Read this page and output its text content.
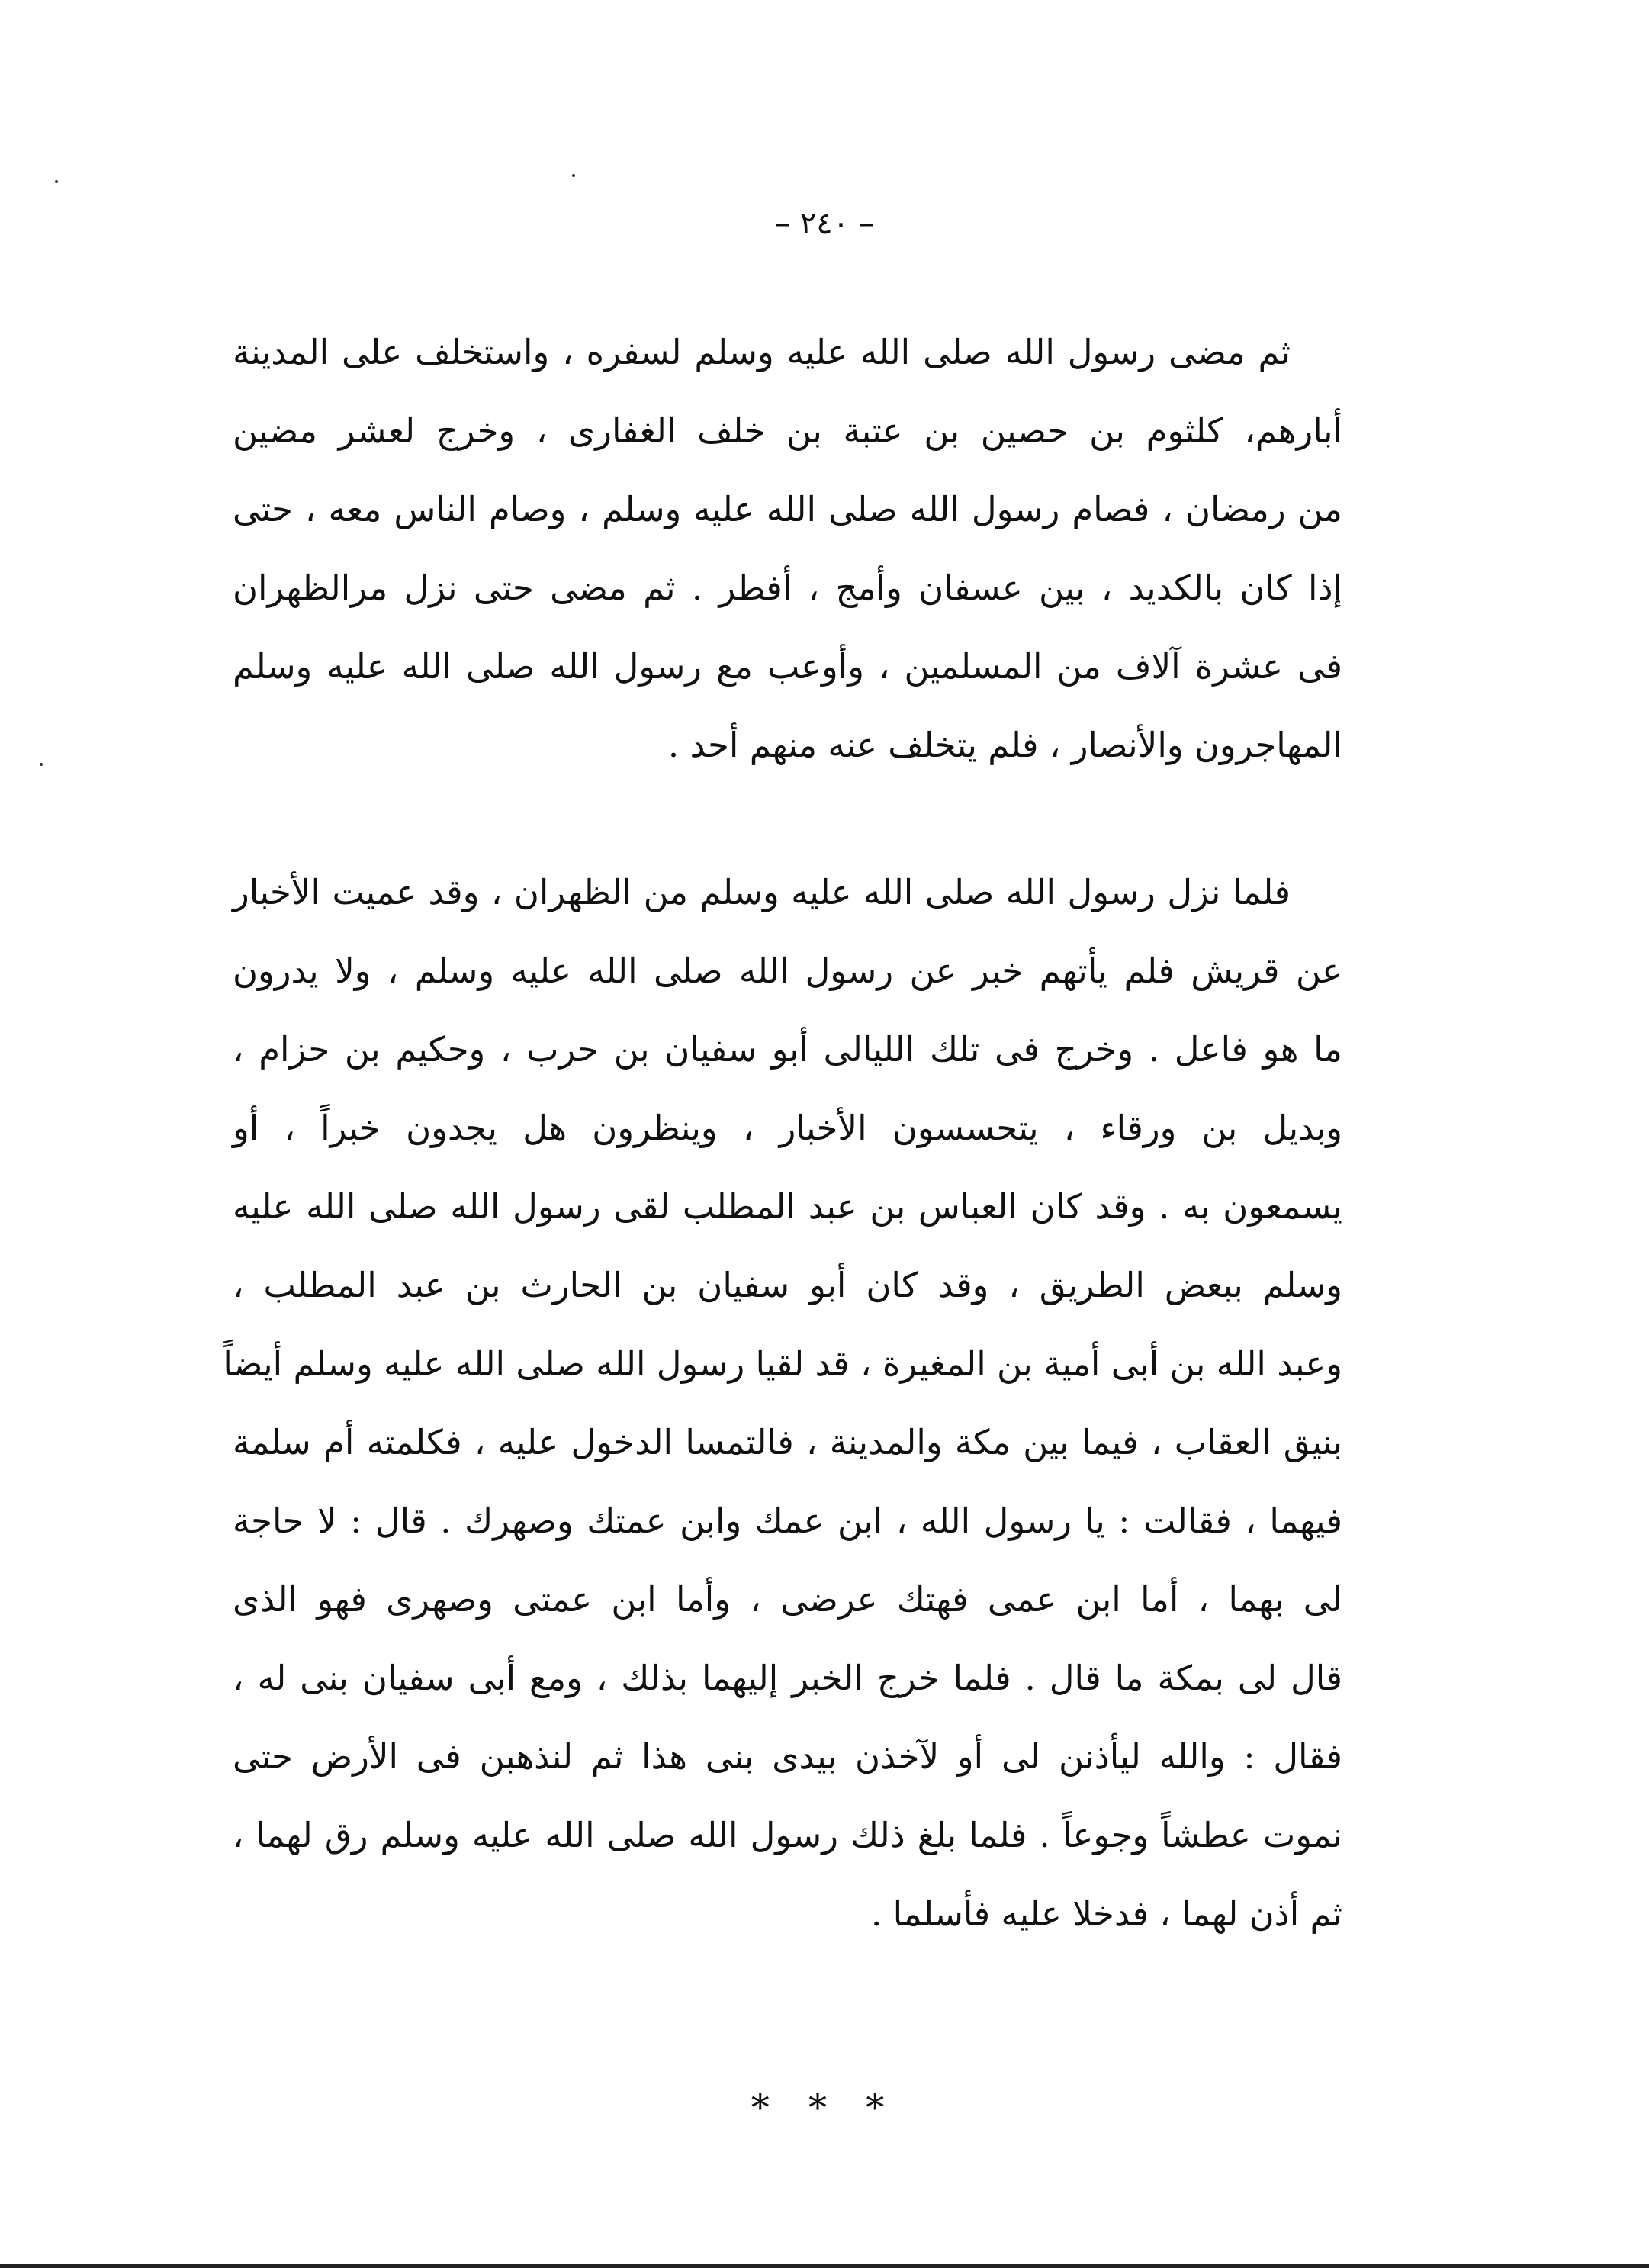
– ٢٤٠ –
ثم مضى رسول الله صلى الله عليه وسلم لسفره ، واستخلف على المدينة
أبارهم، كلثوم بن حصين بن عتبة بن خلف الغفارى ، وخرج لعشر مضين
من رمضان ، فصام رسول الله صلى الله عليه وسلم ، وصام الناس معه ، حتى
إذا كان بالكديد ، بين عسفان وأمج ، أفطر . ثم مضى حتى نزل مرالظهران
فى عشرة آلاف من المسلمين ، وأوعب مع رسول الله صلى الله عليه وسلم
المهاجرون والأنصار ، فلم يتخلف عنه منهم أحد .
فلما نزل رسول الله صلى الله عليه وسلم من الظهران ، وقد عميت الأخبار
عن قريش فلم يأتهم خبر عن رسول الله صلى الله عليه وسلم ، ولا يدرون
ما هو فاعل . وخرج فى تلك الليالى أبو سفيان بن حرب ، وحكيم بن حزام ،
وبديل بن ورقاء ، يتحسسون الأخبار ، وينظرون هل يجدون خبراً ، أو
يسمعون به . وقد كان العباس بن عبد المطلب لقى رسول الله صلى الله عليه
وسلم ببعض الطريق ، وقد كان أبو سفيان بن الحارث بن عبد المطلب ،
وعبد الله بن أبى أمية بن المغيرة ، قد لقيا رسول الله صلى الله عليه وسلم أيضاً
بنيق العقاب ، فيما بين مكة والمدينة ، فالتمسا الدخول عليه ، فكلمته أم سلمة
فيهما ، فقالت : يا رسول الله ، ابن عمك وابن عمتك وصهرك . قال : لا حاجة
لى بهما ، أما ابن عمى فهتك عرضى ، وأما ابن عمتى وصهرى فهو الذى
قال لى بمكة ما قال . فلما خرج الخبر إليهما بذلك ، ومع أبى سفيان بنى له ،
فقال : والله ليأذنن لى أو لآخذن بيدى بنى هذا ثم لنذهبن فى الأرض حتى
نموت عطشاً وجوعاً . فلما بلغ ذلك رسول الله صلى الله عليه وسلم رق لهما ،
ثم أذن لهما ، فدخلا عليه فأسلما .
* * *
